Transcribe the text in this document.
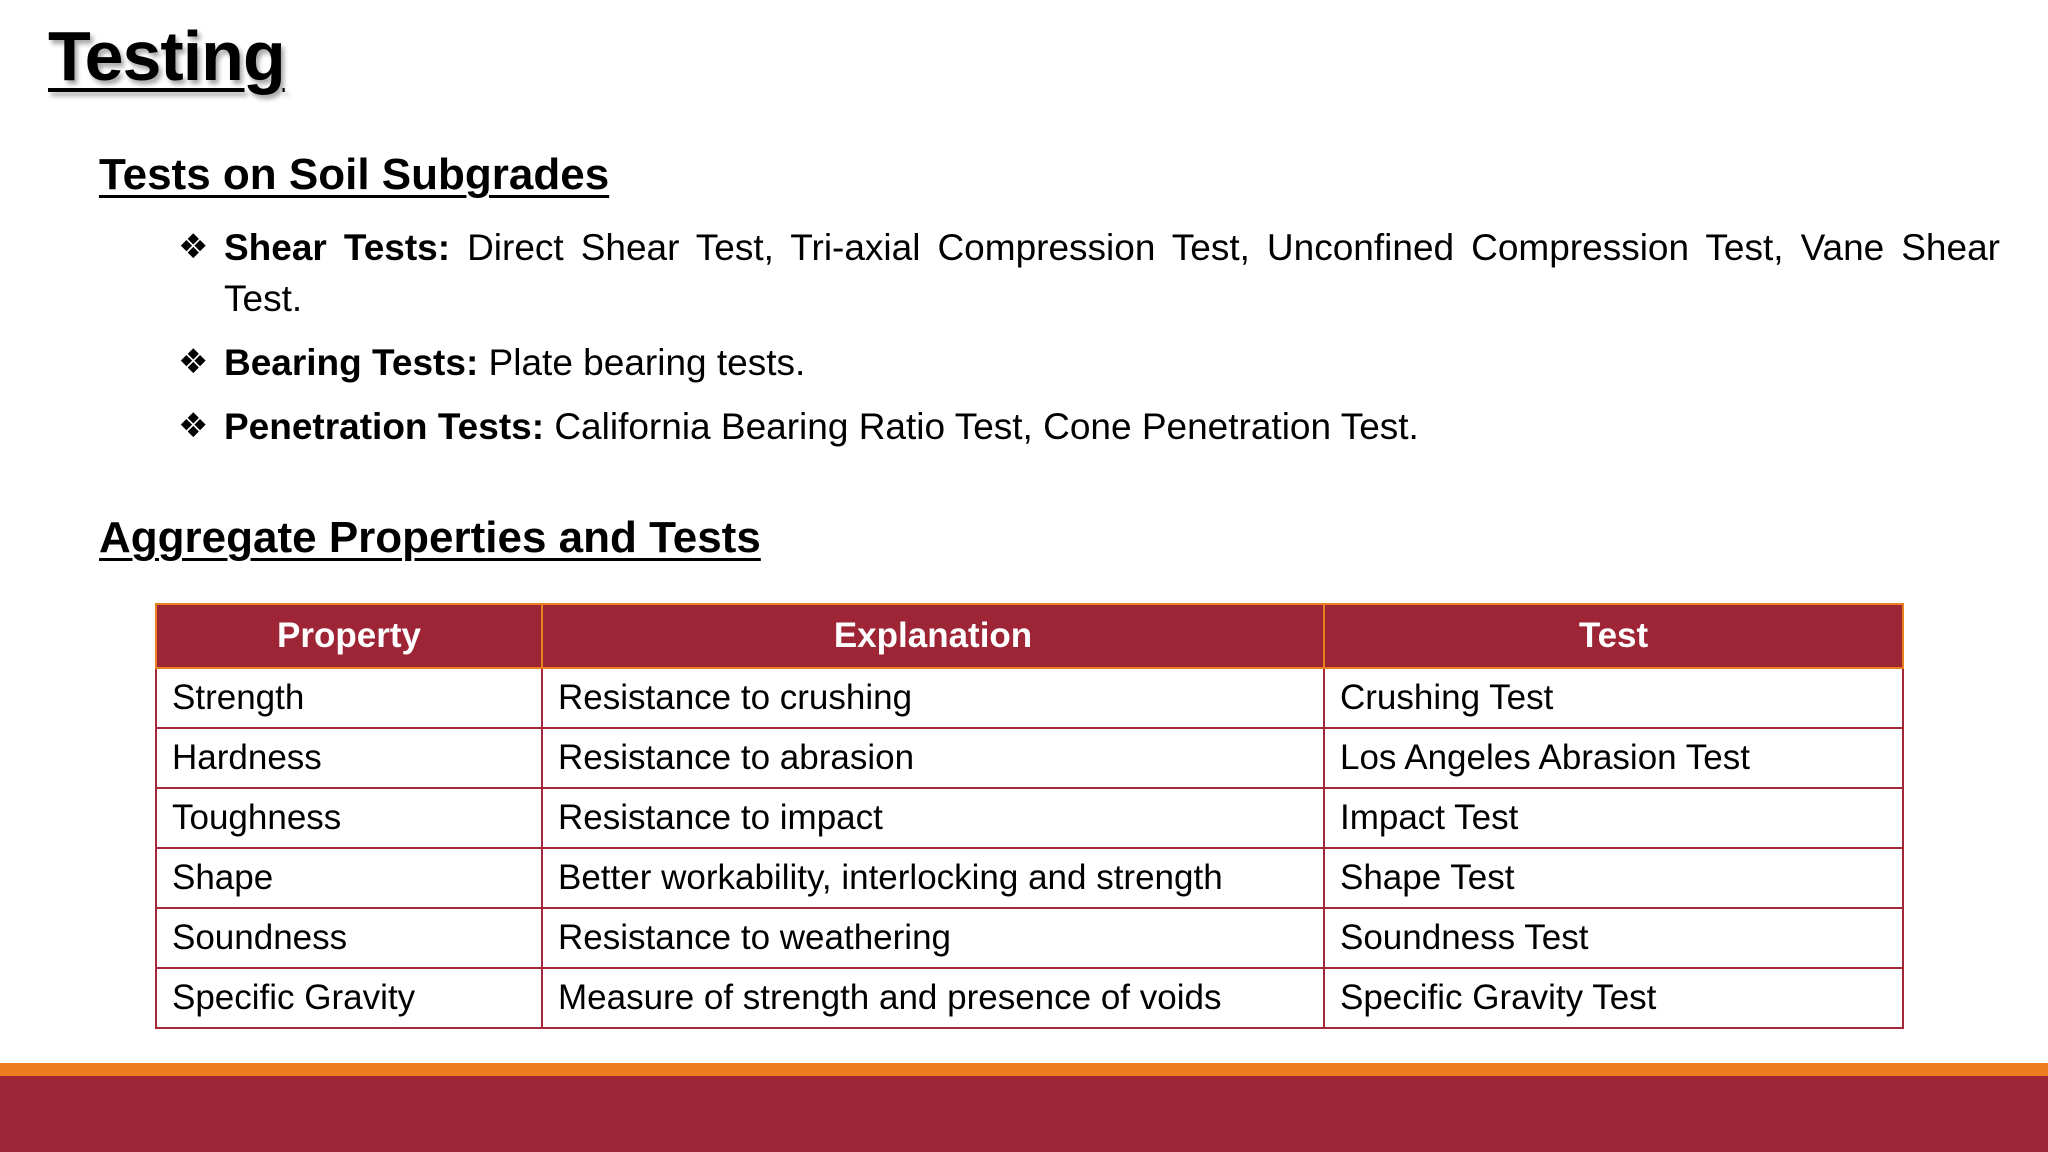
Testing
Tests on Soil Subgrades
❖ Shear Tests: Direct Shear Test, Tri-axial Compression Test, Unconfined Compression Test, Vane Shear Test.
❖ Bearing Tests: Plate bearing tests.
❖ Penetration Tests: California Bearing Ratio Test, Cone Penetration Test.
Aggregate Properties and Tests
Property	Explanation	Test
Strength	Resistance to crushing	Crushing Test
Hardness	Resistance to abrasion	Los Angeles Abrasion Test
Toughness	Resistance to impact	Impact Test
Shape	Better workability, interlocking and strength	Shape Test
Soundness	Resistance to weathering	Soundness Test
Specific Gravity	Measure of strength and presence of voids	Specific Gravity Test
